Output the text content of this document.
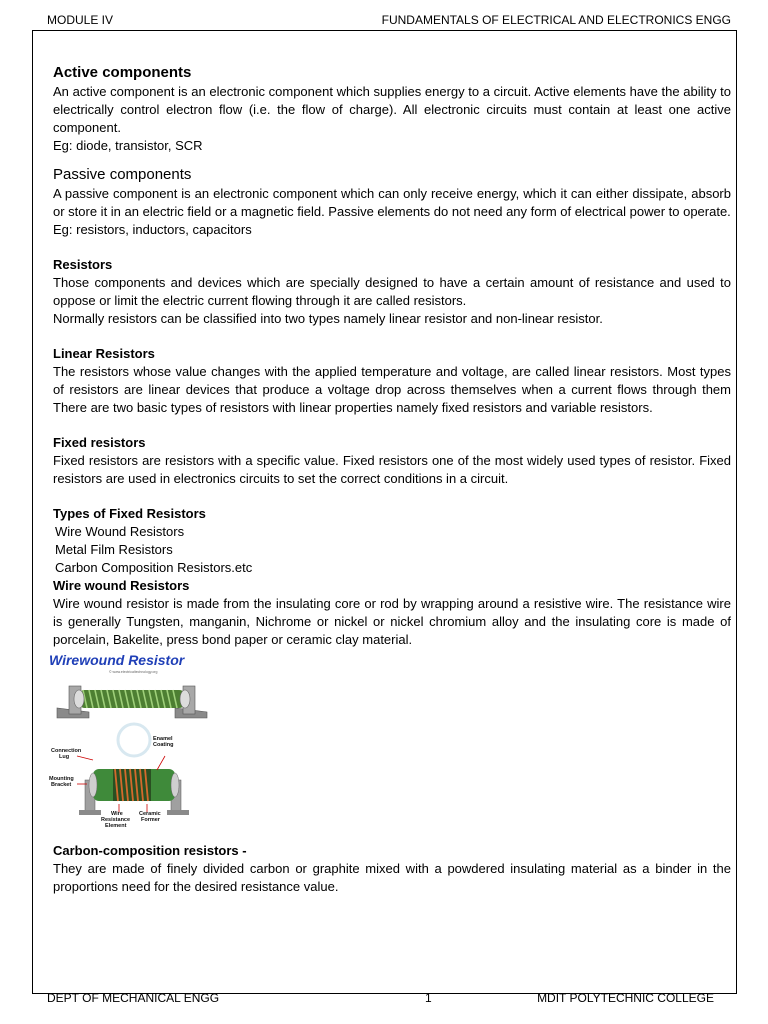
MODULE IV	FUNDAMENTALS OF ELECTRICAL AND ELECTRONICS ENGG
Active components

An active component is an electronic component which supplies energy to a circuit. Active elements have the ability to electrically control electron flow (i.e. the flow of charge). All electronic circuits must contain at least one active component.

Eg: diode, transistor, SCR

Passive components

A passive component is an electronic component which can only receive energy, which it can either dissipate, absorb or store it in an electric field or a magnetic field. Passive elements do not need any form of electrical power to operate.

Eg: resistors, inductors, capacitors

Resistors

Those components and devices which are specially designed to have a certain amount of resistance and used to oppose or limit the electric current flowing through it are called resistors.

Normally resistors can be classified into two types namely linear resistor and non-linear resistor.

Linear Resistors

The resistors whose value changes with the applied temperature and voltage, are called linear resistors. Most types of resistors are linear devices that produce a voltage drop across themselves when a current flows through them There are two basic types of resistors with linear properties namely fixed resistors and variable resistors.

Fixed resistors

Fixed resistors are resistors with a specific value. Fixed resistors one of the most widely used types of resistor. Fixed resistors are used in electronics circuits to set the correct conditions in a circuit.

Types of Fixed Resistors
Wire Wound Resistors
Metal Film Resistors
Carbon Composition Resistors.etc
Wire wound Resistors

Wire wound resistor is made from the insulating core or rod by wrapping around a resistive wire. The resistance wire is generally Tungsten, manganin, Nichrome or nickel or nickel chromium alloy and the insulating core is made of porcelain, Bakelite, press bond paper or ceramic clay material.

Wirewound Resistor
© www.electricaltechnology.org
Enamel Coating
Connection Lug
Mounting Bracket
Wire Resistance Element
Ceramic Former
Carbon-composition resistors -

They are made of finely divided carbon or graphite mixed with a powdered insulating material as a binder in the proportions need for the desired resistance value.

DEPT OF MECHANICAL ENGG	1	MDIT POLYTECHNIC COLLEGE
